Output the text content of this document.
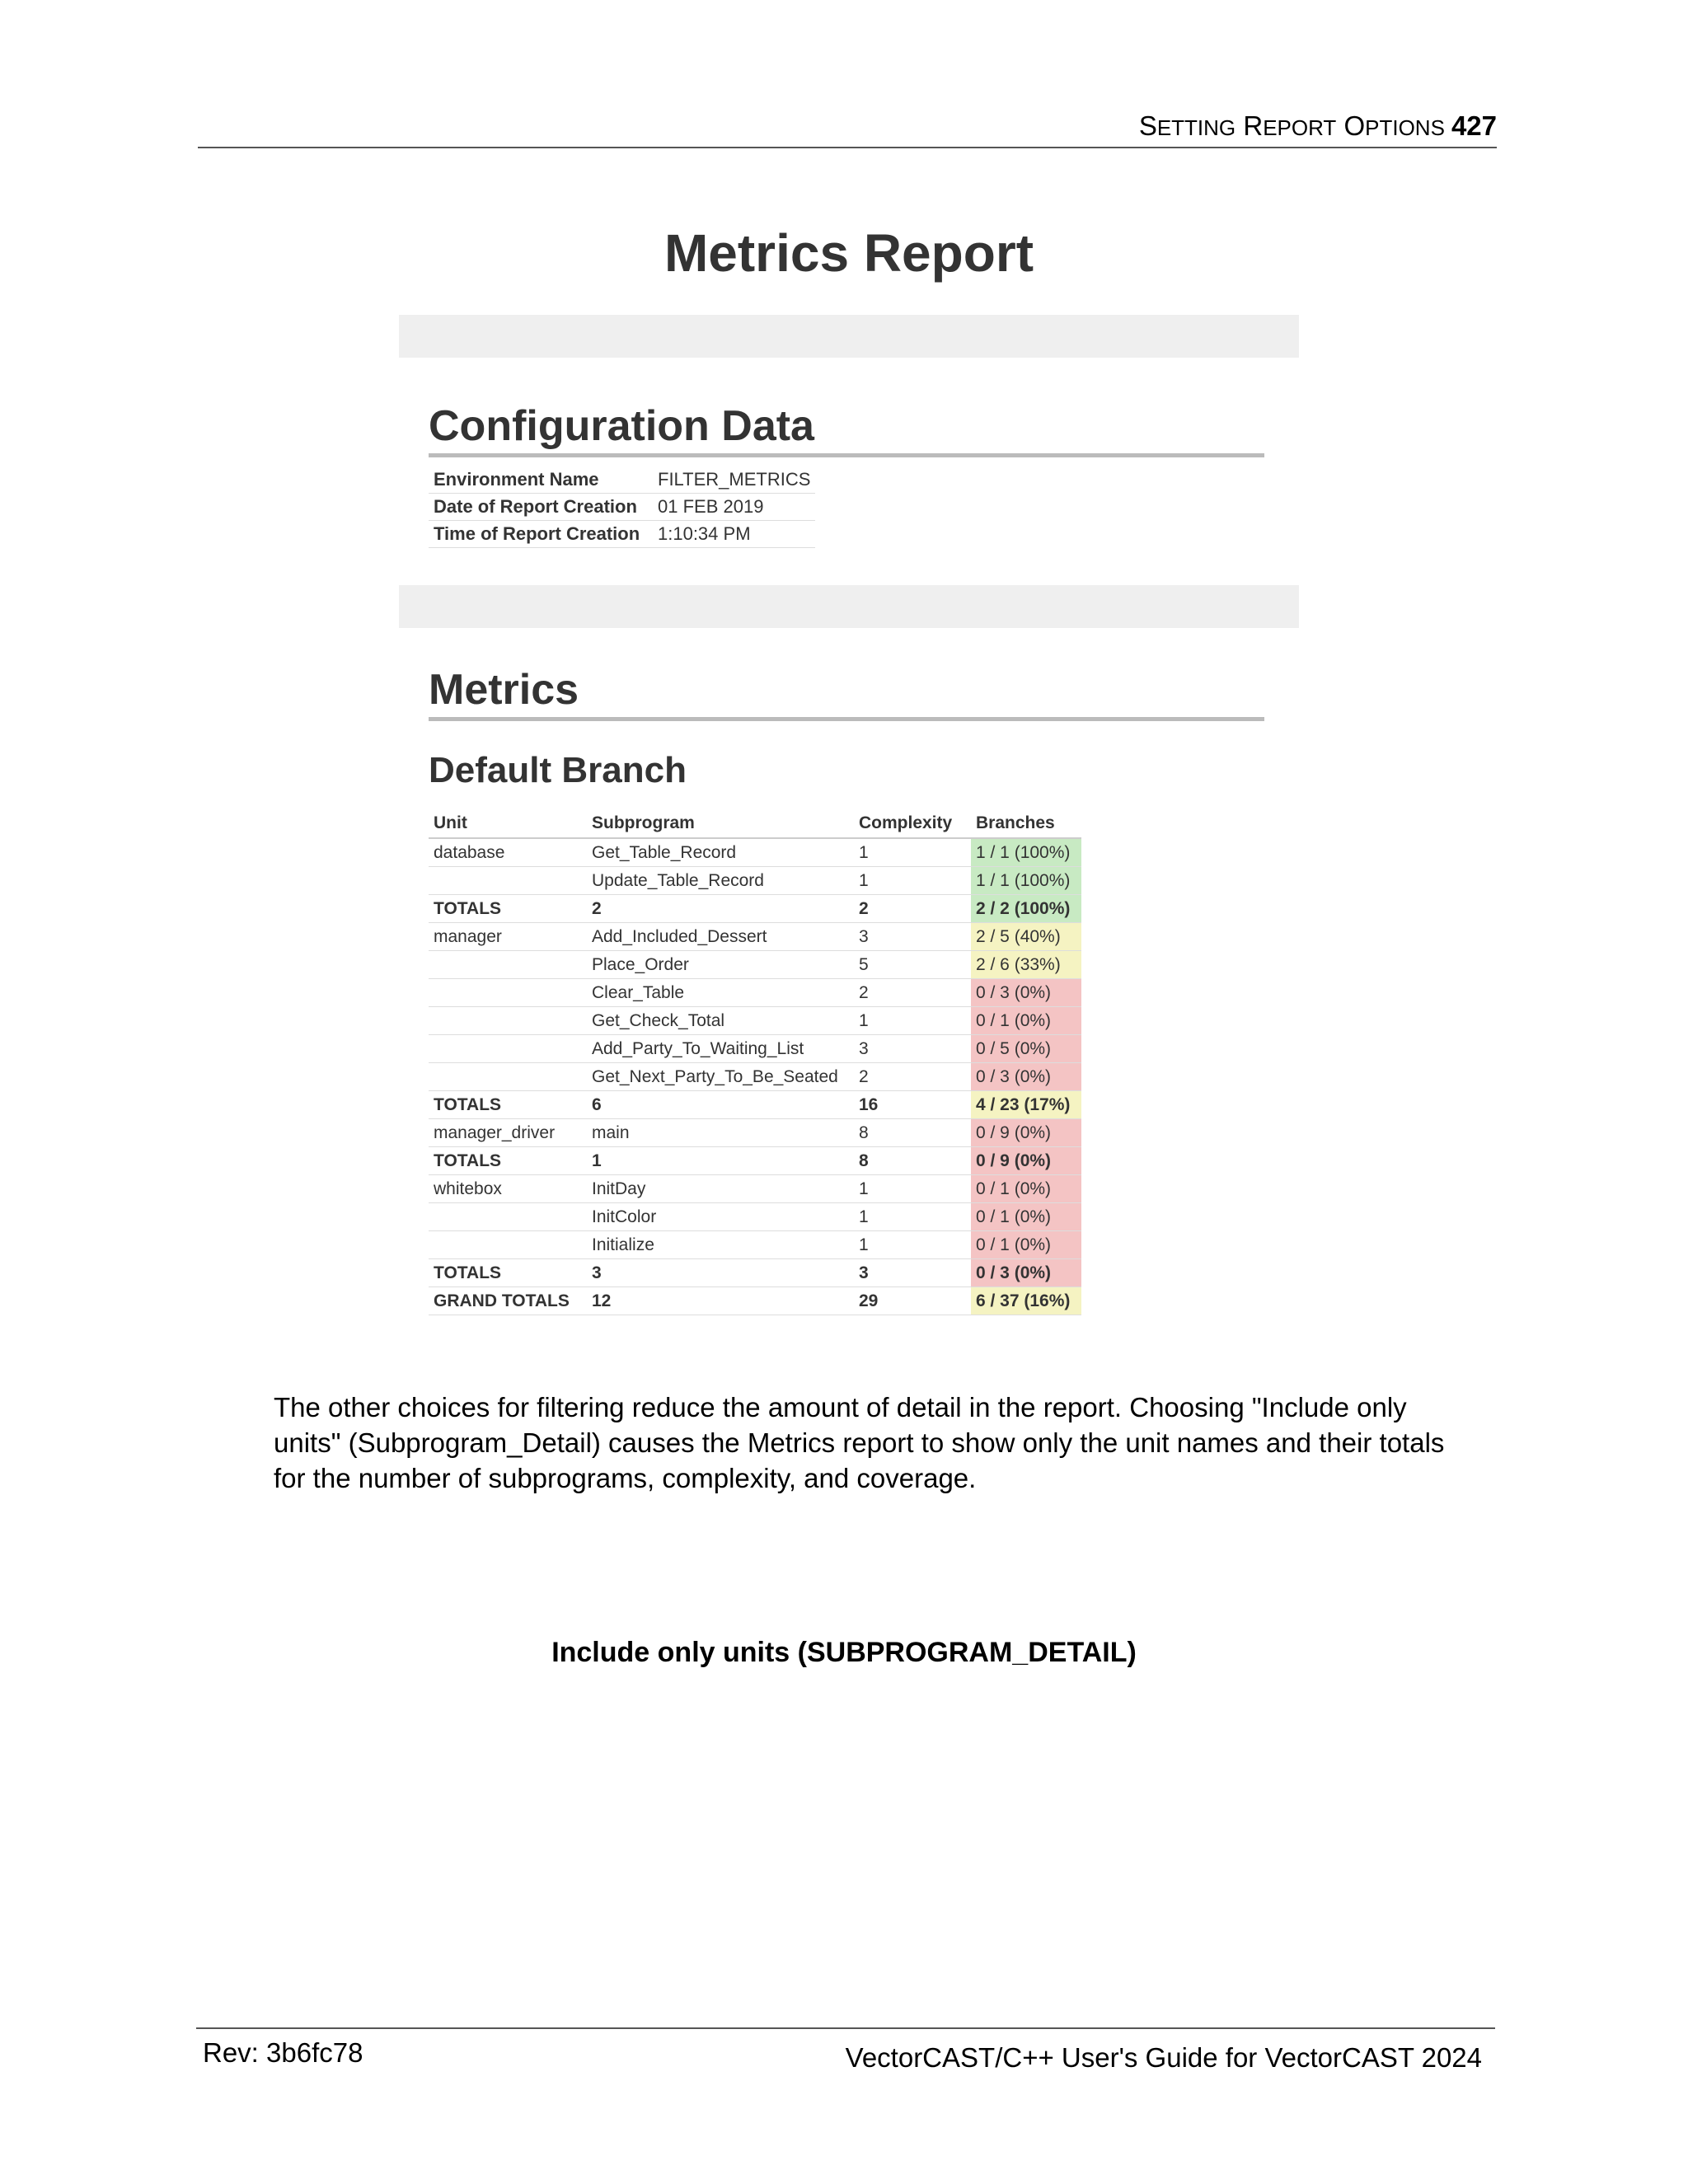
SETTING REPORT OPTIONS 427
Metrics Report
Configuration Data
Environment Name	FILTER_METRICS
Date of Report Creation	01 FEB 2019
Time of Report Creation	1:10:34 PM
Metrics
Default Branch
Unit	Subprogram	Complexity	Branches
database	Get_Table_Record	1	1 / 1 (100%)
	Update_Table_Record	1	1 / 1 (100%)
TOTALS	2	2	2 / 2 (100%)
manager	Add_Included_Dessert	3	2 / 5 (40%)
	Place_Order	5	2 / 6 (33%)
	Clear_Table	2	0 / 3 (0%)
	Get_Check_Total	1	0 / 1 (0%)
	Add_Party_To_Waiting_List	3	0 / 5 (0%)
	Get_Next_Party_To_Be_Seated	2	0 / 3 (0%)
TOTALS	6	16	4 / 23 (17%)
manager_driver	main	8	0 / 9 (0%)
TOTALS	1	8	0 / 9 (0%)
whitebox	InitDay	1	0 / 1 (0%)
	InitColor	1	0 / 1 (0%)
	Initialize	1	0 / 1 (0%)
TOTALS	3	3	0 / 3 (0%)
GRAND TOTALS	12	29	6 / 37 (16%)
The other choices for filtering reduce the amount of detail in the report. Choosing "Include only units" (Subprogram_Detail) causes the Metrics report to show only the unit names and their totals for the number of subprograms, complexity, and coverage.
Include only units (SUBPROGRAM_DETAIL)
Rev: 3b6fc78	VectorCAST/C++ User's Guide for VectorCAST 2024
